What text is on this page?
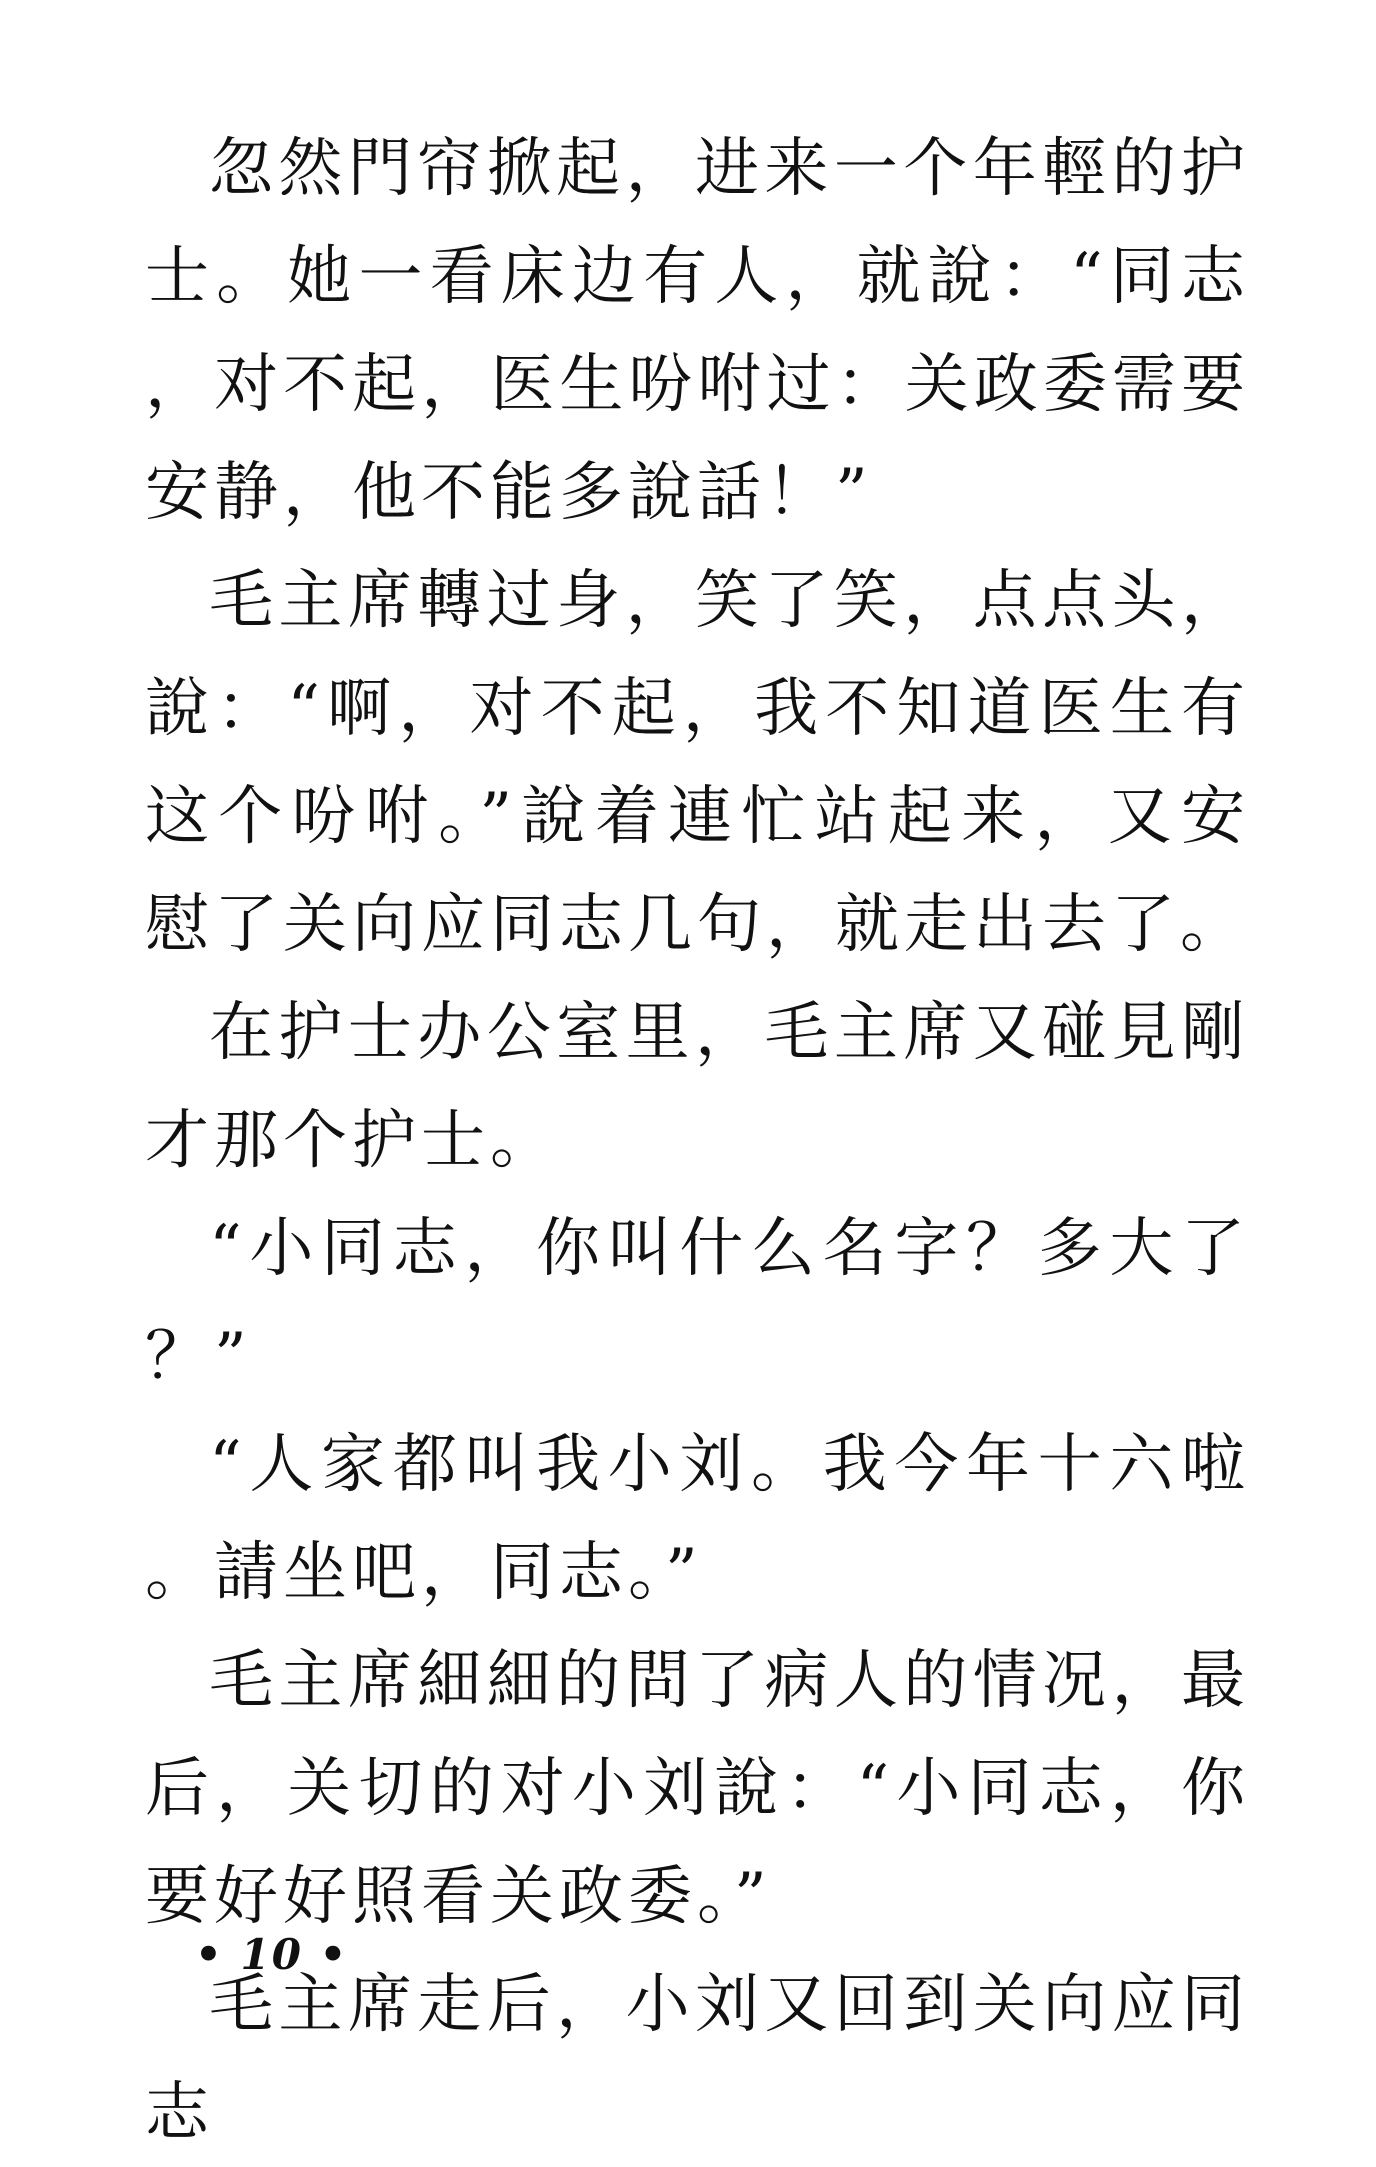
忽然門帘掀起，进来一个年輕的护士。她一看床边有人，就說：“同志，对不起，医生吩咐过：关政委需要安静，他不能多說話！”

毛主席轉过身，笑了笑，点点头，說：“啊，对不起，我不知道医生有这个吩咐。”說着連忙站起来，又安慰了关向应同志几句，就走出去了。

在护士办公室里，毛主席又碰見剛才那个护士。

“小同志，你叫什么名字？多大了？”

“人家都叫我小刘。我今年十六啦。請坐吧，同志。”

毛主席細細的問了病人的情况，最后，关切的对小刘說：“小同志，你要好好照看关政委。”

毛主席走后，小刘又回到关向应同志

• 10 •
